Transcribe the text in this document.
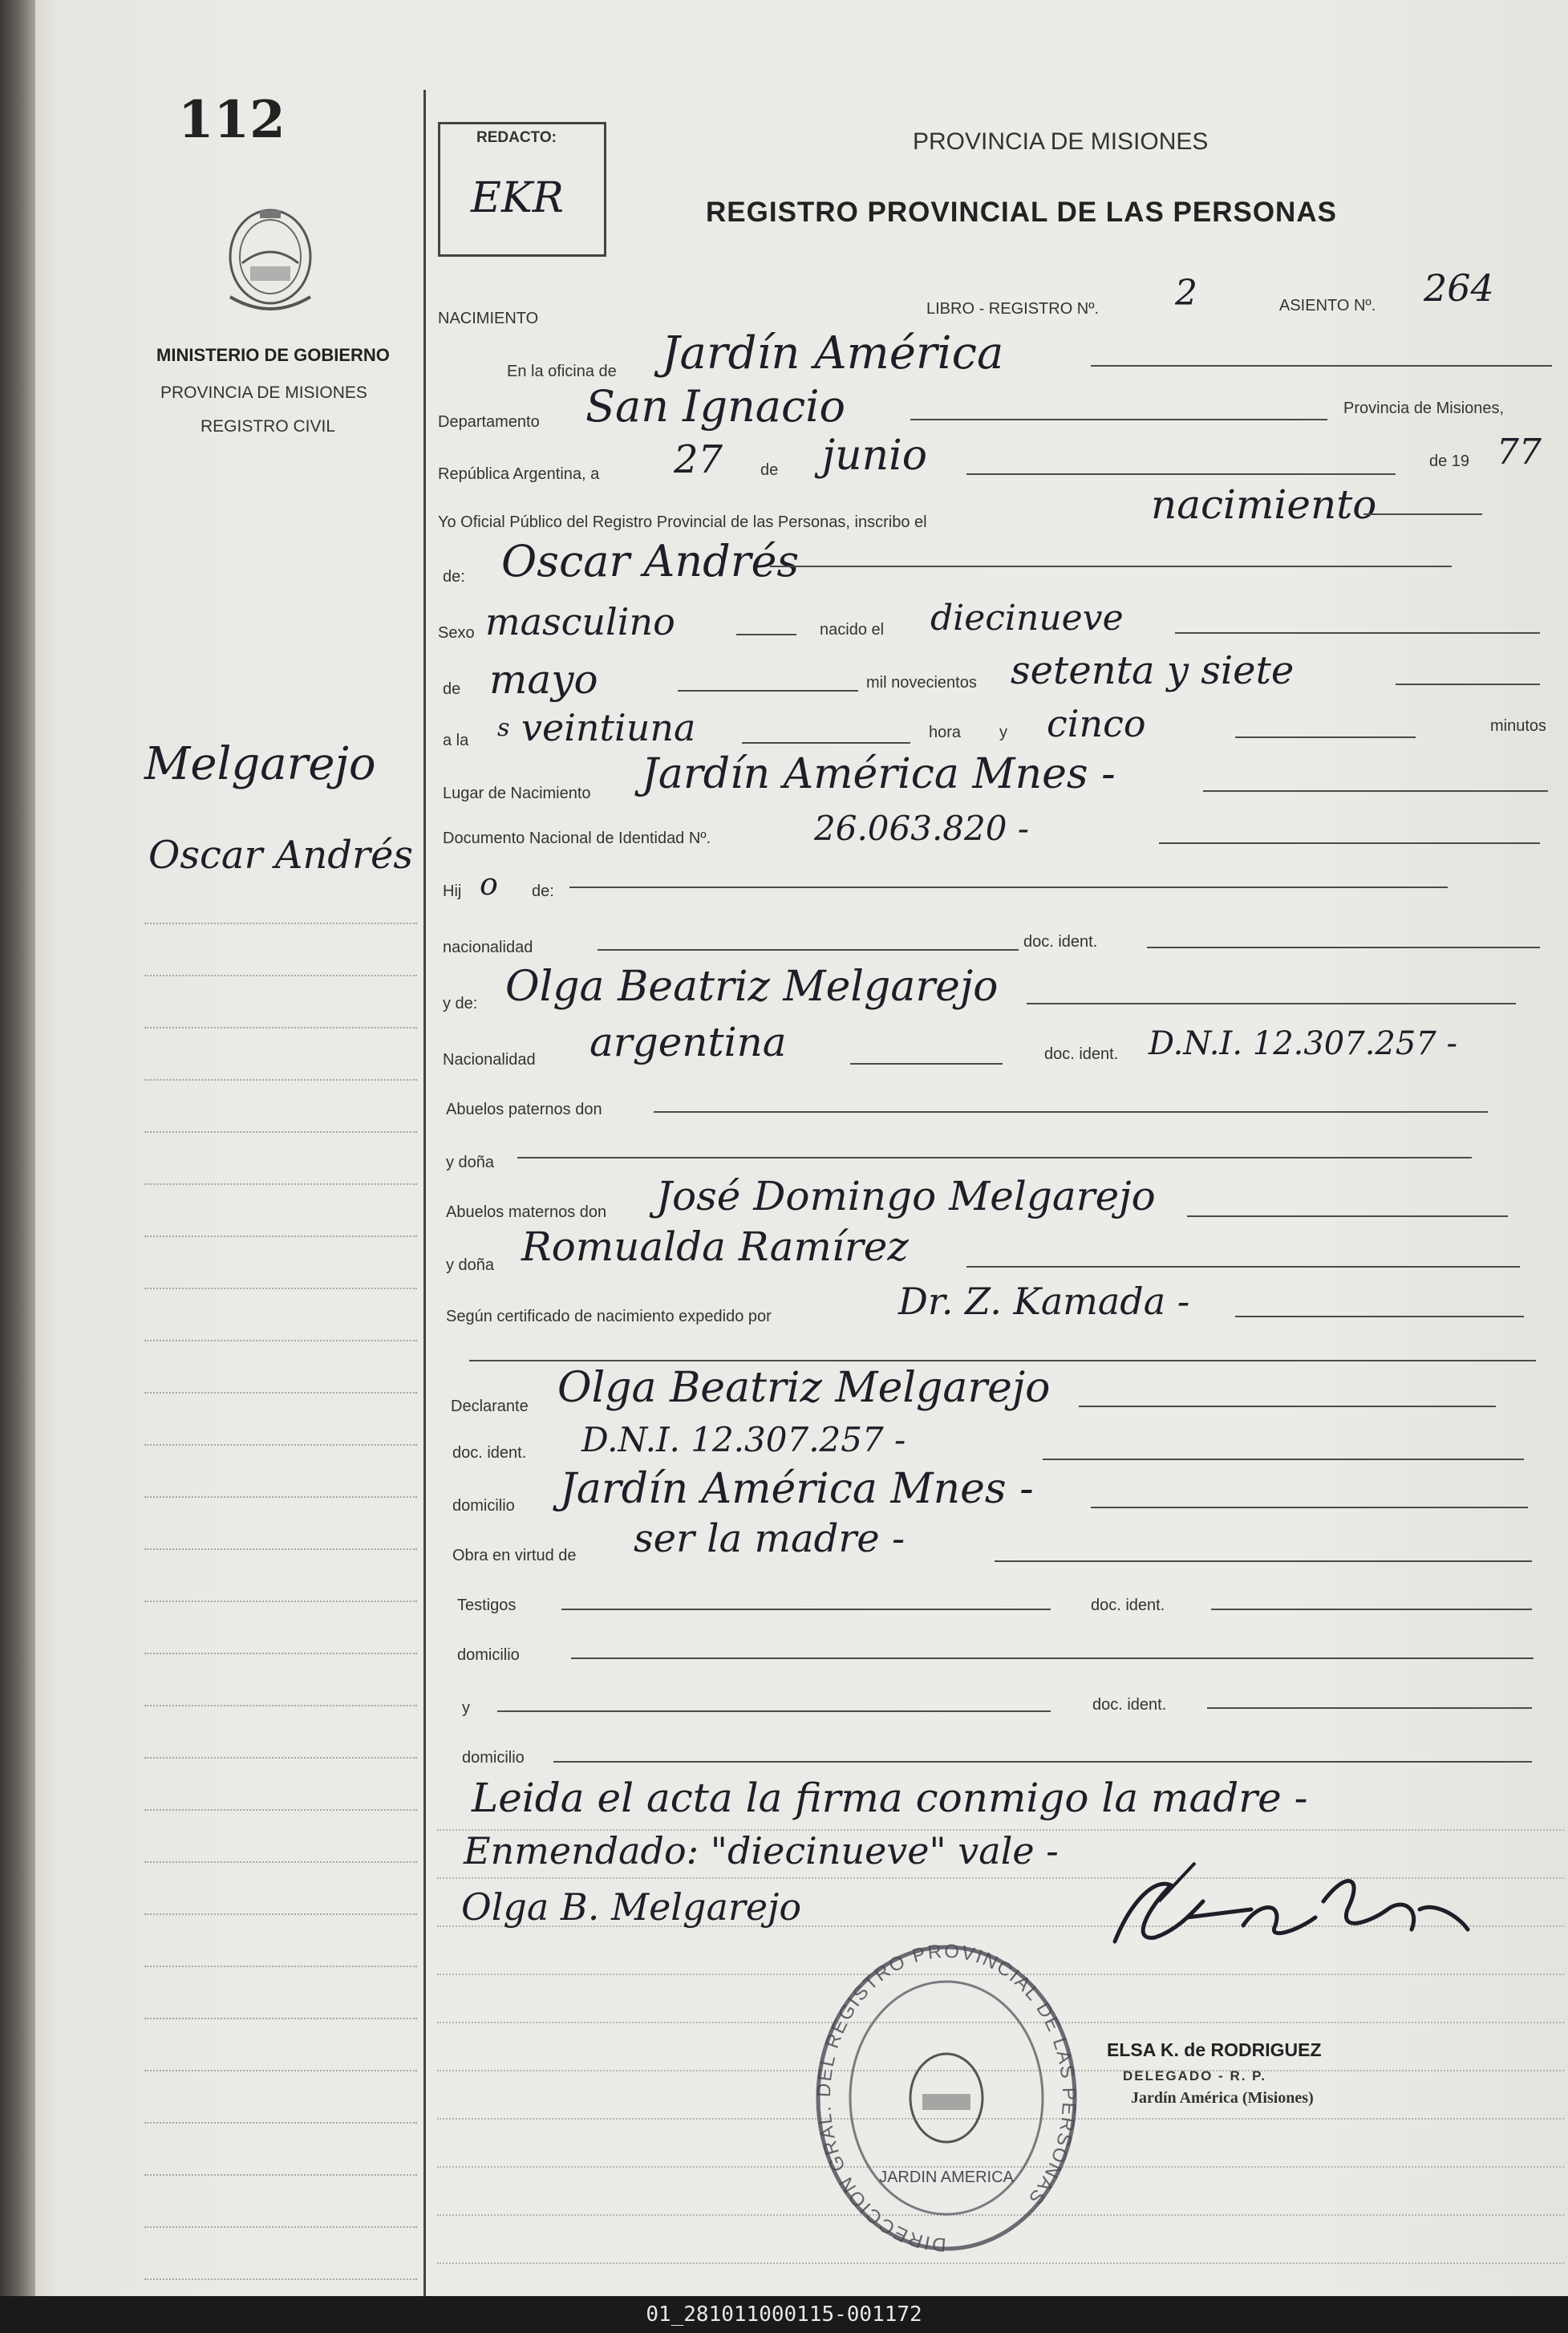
112
MINISTERIO DE GOBIERNO
PROVINCIA DE MISIONES
REGISTRO CIVIL
Melgarejo
Oscar Andrés
REDACTO:
EKR
PROVINCIA DE MISIONES
REGISTRO PROVINCIAL DE LAS PERSONAS
NACIMIENTO
LIBRO - REGISTRO Nº. 2	ASIENTO Nº. 264
En la oficina de Jardín América
Departamento San Ignacio	Provincia de Misiones,
República Argentina, a 27 de junio	de 19 77
Yo Oficial Público del Registro Provincial de las Personas, inscribo el	nacimiento
de: Oscar Andrés
Sexo masculino	nacido el diecinueve
de mayo	mil novecientos setenta y siete
a la s veintiuna	hora y cinco	minutos
Lugar de Nacimiento Jardín América Mnes -
Documento Nacional de Identidad Nº.	26.063.820 -
Hij o de:
nacionalidad	doc. ident.
y de: Olga Beatriz Melgarejo
Nacionalidad argentina	doc. ident. D.N.I. 12.307.257 -
Abuelos paternos don
y doña
Abuelos maternos don José Domingo Melgarejo
y doña Romualda Ramírez
Según certificado de nacimiento expedido por	Dr. Z. Kamada -
Declarante Olga Beatriz Melgarejo
doc. ident. D.N.I. 12.307.257 -
domicilio Jardín América Mnes -
Obra en virtud de ser la madre -
Testigos	doc. ident.
domicilio
y	doc. ident.
domicilio
Leida el acta la firma conmigo la madre -
Enmendado: "diecinueve" vale -
Olga B. Melgarejo
DIRECCION GRAL. DEL REGISTRO PROVINCIAL DE LAS PERSONAS
JARDIN AMERICA
ELSA K. de RODRIGUEZ
DELEGADO - R. P.
Jardín América (Misiones)
01_281011000115-001172
